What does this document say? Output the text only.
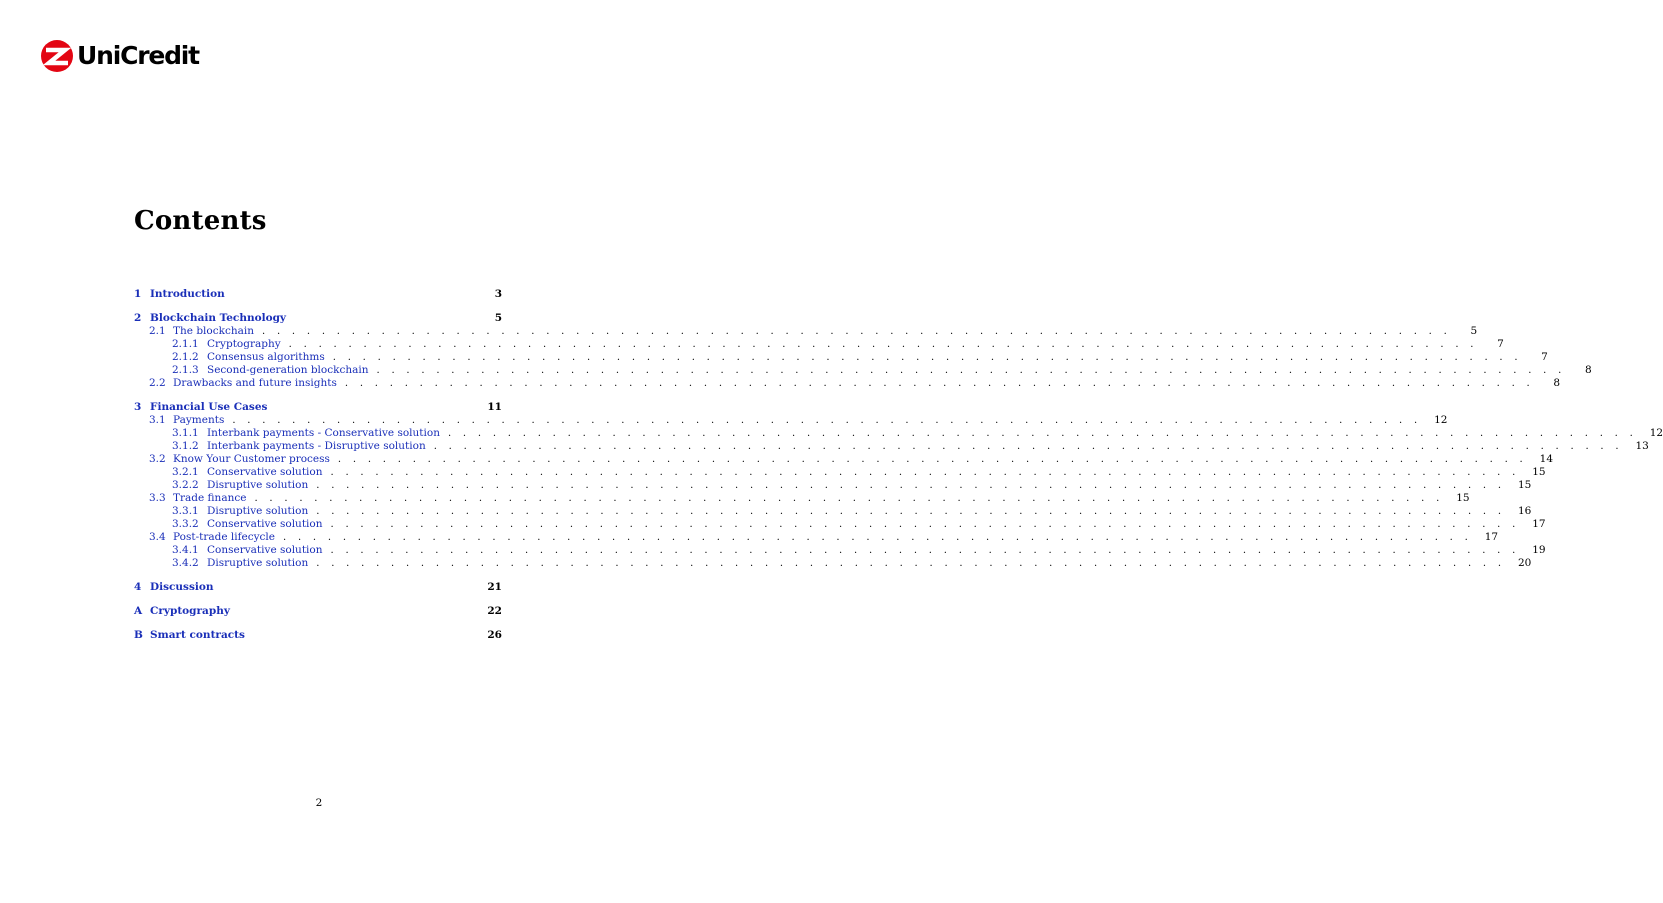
UniCredit
Contents
1 Introduction	3
2 Blockchain Technology	5
2.1 The blockchain . . . . . . . . . . . . . . . . . . . . . . . . . . . . . . . . . . . . . . . . . . . . . . . . . . . . . . . . . . . . . . . . . . . . . . . . . . . . . . . .	5
2.1.1 Cryptography . . . . . . . . . . . . . . . . . . . . . . . . . . . . . . . . . . . . . . . . . . . . . . . . . . . . . . . . . . . . . . . . . . . . . . . . . . . . . . . .	7
2.1.2 Consensus algorithms . . . . . . . . . . . . . . . . . . . . . . . . . . . . . . . . . . . . . . . . . . . . . . . . . . . . . . . . . . . . . . . . . . . . . . . . . . . . . . . .	7
2.1.3 Second-generation blockchain . . . . . . . . . . . . . . . . . . . . . . . . . . . . . . . . . . . . . . . . . . . . . . . . . . . . . . . . . . . . . . . . . . . . . . . . . . . . . . . .	8
2.2 Drawbacks and future insights . . . . . . . . . . . . . . . . . . . . . . . . . . . . . . . . . . . . . . . . . . . . . . . . . . . . . . . . . . . . . . . . . . . . . . . . . . . . . . . .	8
3 Financial Use Cases	11
3.1 Payments . . . . . . . . . . . . . . . . . . . . . . . . . . . . . . . . . . . . . . . . . . . . . . . . . . . . . . . . . . . . . . . . . . . . . . . . . . . . . . . .	12
3.1.1 Interbank payments - Conservative solution . . . . . . . . . . . . . . . . . . . . . . . . . . . . . . . . . . . . . . . . . . . . . . . . . . . . . . . . . . . . . . . . . . . . . . . . . . . . . . . .	12
3.1.2 Interbank payments - Disruptive solution . . . . . . . . . . . . . . . . . . . . . . . . . . . . . . . . . . . . . . . . . . . . . . . . . . . . . . . . . . . . . . . . . . . . . . . . . . . . . . . .	13
3.2 Know Your Customer process . . . . . . . . . . . . . . . . . . . . . . . . . . . . . . . . . . . . . . . . . . . . . . . . . . . . . . . . . . . . . . . . . . . . . . . . . . . . . . . .	14
3.2.1 Conservative solution . . . . . . . . . . . . . . . . . . . . . . . . . . . . . . . . . . . . . . . . . . . . . . . . . . . . . . . . . . . . . . . . . . . . . . . . . . . . . . . .	15
3.2.2 Disruptive solution . . . . . . . . . . . . . . . . . . . . . . . . . . . . . . . . . . . . . . . . . . . . . . . . . . . . . . . . . . . . . . . . . . . . . . . . . . . . . . . .	15
3.3 Trade finance . . . . . . . . . . . . . . . . . . . . . . . . . . . . . . . . . . . . . . . . . . . . . . . . . . . . . . . . . . . . . . . . . . . . . . . . . . . . . . . .	15
3.3.1 Disruptive solution . . . . . . . . . . . . . . . . . . . . . . . . . . . . . . . . . . . . . . . . . . . . . . . . . . . . . . . . . . . . . . . . . . . . . . . . . . . . . . . .	16
3.3.2 Conservative solution . . . . . . . . . . . . . . . . . . . . . . . . . . . . . . . . . . . . . . . . . . . . . . . . . . . . . . . . . . . . . . . . . . . . . . . . . . . . . . . .	17
3.4 Post-trade lifecycle . . . . . . . . . . . . . . . . . . . . . . . . . . . . . . . . . . . . . . . . . . . . . . . . . . . . . . . . . . . . . . . . . . . . . . . . . . . . . . . .	17
3.4.1 Conservative solution . . . . . . . . . . . . . . . . . . . . . . . . . . . . . . . . . . . . . . . . . . . . . . . . . . . . . . . . . . . . . . . . . . . . . . . . . . . . . . . .	19
3.4.2 Disruptive solution . . . . . . . . . . . . . . . . . . . . . . . . . . . . . . . . . . . . . . . . . . . . . . . . . . . . . . . . . . . . . . . . . . . . . . . . . . . . . . . .	20
4 Discussion	21
A Cryptography	22
B Smart contracts	26
2
